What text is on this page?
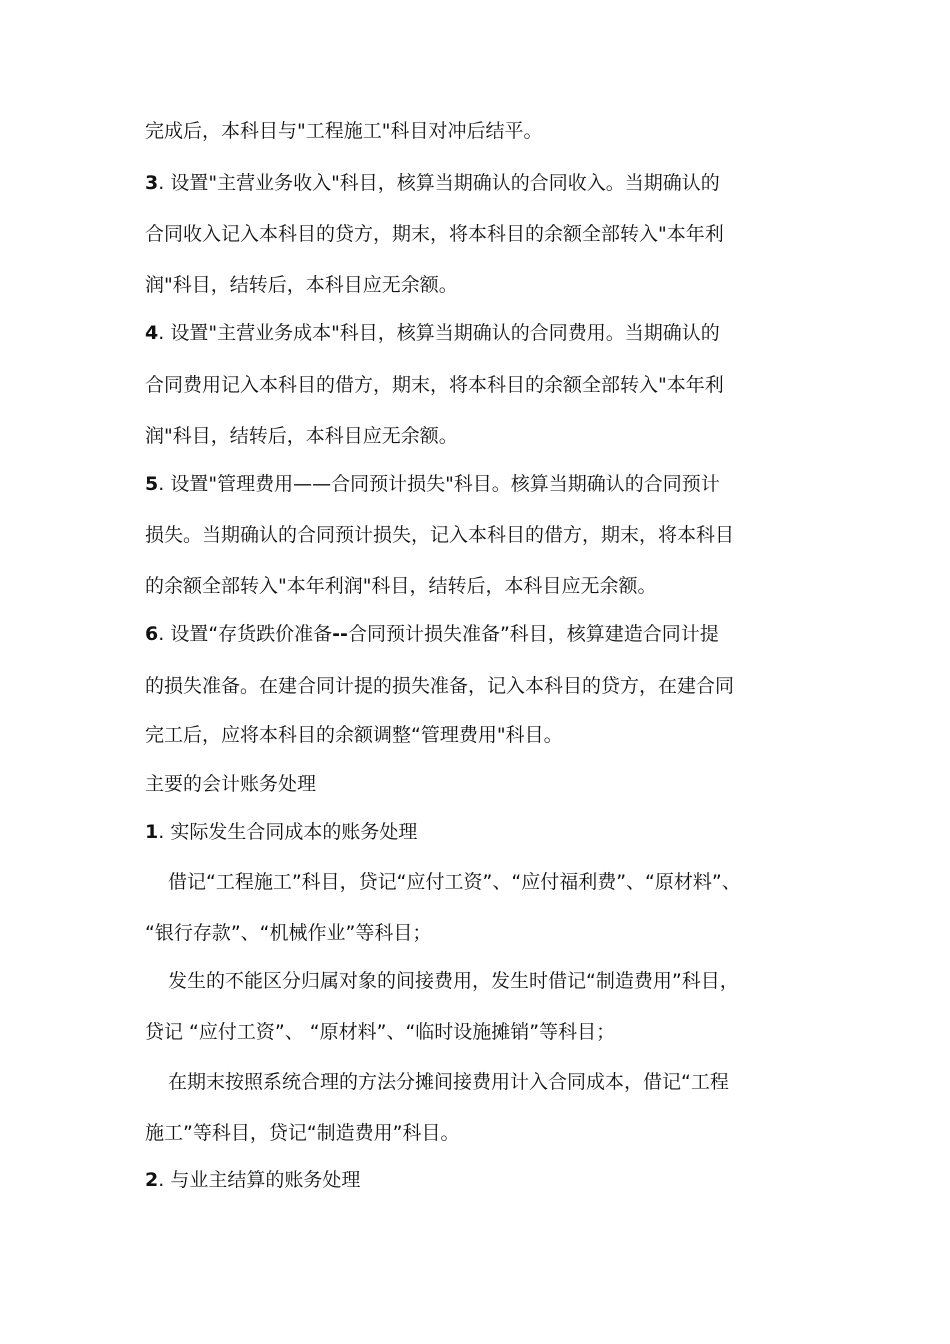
完成后，本科目与"工程施工"科目对冲后结平。
3. 设置"主营业务收入"科目，核算当期确认的合同收入。当期确认的
合同收入记入本科目的贷方，期末，将本科目的余额全部转入"本年利
润"科目，结转后，本科目应无余额。
4. 设置"主营业务成本"科目，核算当期确认的合同费用。当期确认的
合同费用记入本科目的借方，期末，将本科目的余额全部转入"本年利
润"科目，结转后，本科目应无余额。
5. 设置"管理费用——合同预计损失"科目。核算当期确认的合同预计
损失。当期确认的合同预计损失，记入本科目的借方，期末，将本科目
的余额全部转入"本年利润"科目，结转后，本科目应无余额。
6. 设置“存货跌价准备--合同预计损失准备”科目，核算建造合同计提
的损失准备。在建合同计提的损失准备，记入本科目的贷方，在建合同
完工后，应将本科目的余额调整“管理费用"科目。
主要的会计账务处理
1. 实际发生合同成本的账务处理
借记“工程施工”科目，贷记“应付工资”、“应付福利费”、“原材料”、
“银行存款”、“机械作业”等科目；
发生的不能区分归属对象的间接费用，发生时借记“制造费用”科目，
贷记 “应付工资”、 “原材料”、“临时设施摊销”等科目；
在期末按照系统合理的方法分摊间接费用计入合同成本，借记“工程
施工”等科目，贷记“制造费用”科目。
2. 与业主结算的账务处理
